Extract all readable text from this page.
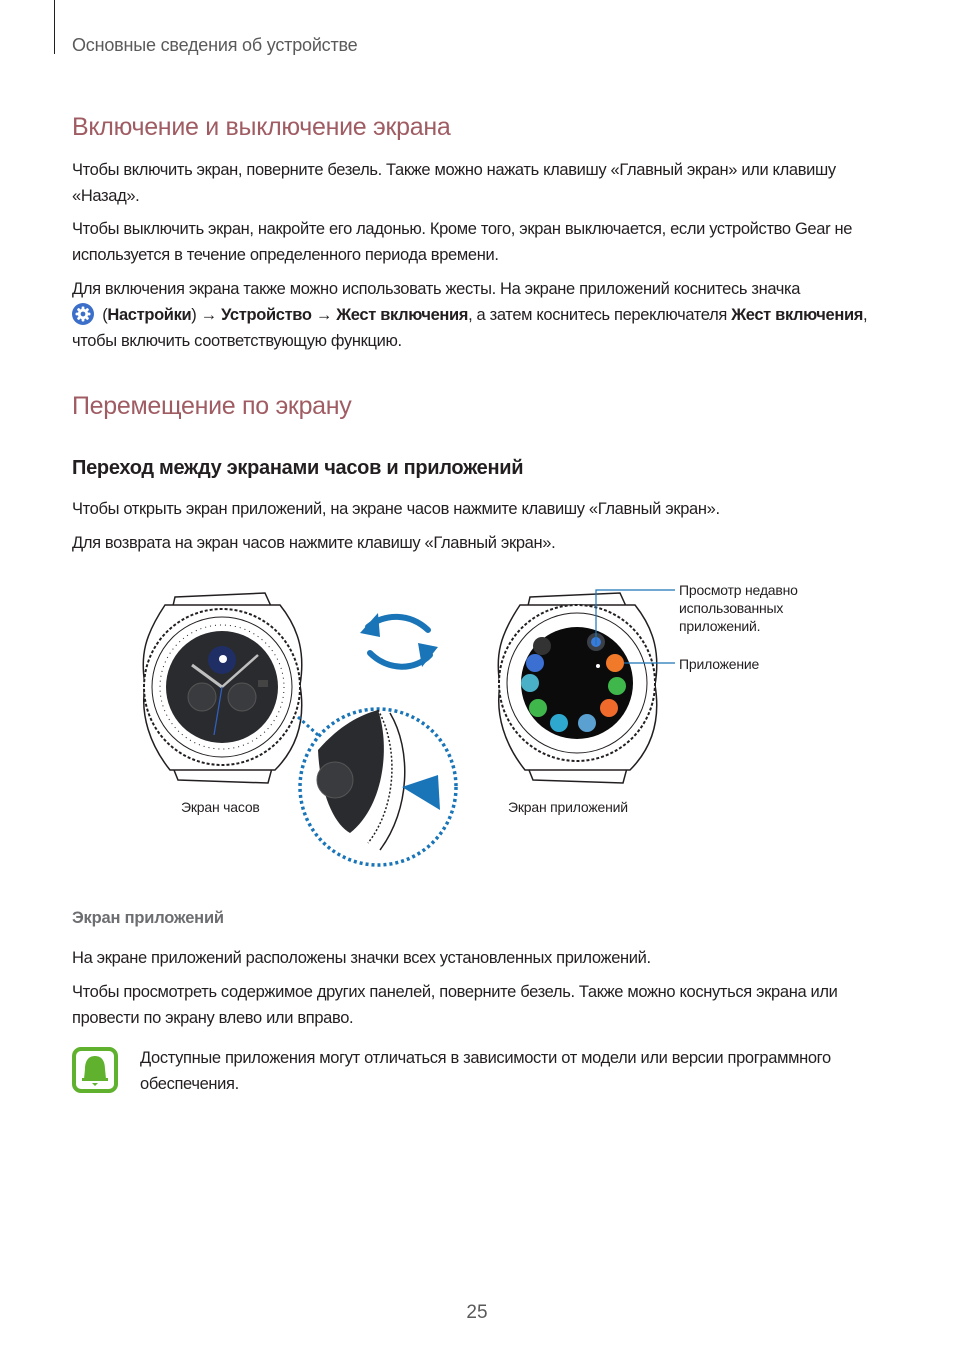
Основные сведения об устройстве
Включение и выключение экрана
Чтобы включить экран, поверните безель. Также можно нажать клавишу «Главный экран» или клавишу «Назад».
Чтобы выключить экран, накройте его ладонью. Кроме того, экран выключается, если устройство Gear не используется в течение определенного периода времени.
Для включения экрана также можно использовать жесты. На экране приложений коснитесь значка
(Настройки) → Устройство → Жест включения, а затем коснитесь переключателя Жест включения, чтобы включить соответствующую функцию.
Перемещение по экрану
Переход между экранами часов и приложений
Чтобы открыть экран приложений, на экране часов нажмите клавишу «Главный экран».
Для возврата на экран часов нажмите клавишу «Главный экран».
Экран часов	Экран приложений
Просмотр недавно
использованных
приложений.
Приложение
Экран приложений
На экране приложений расположены значки всех установленных приложений.
Чтобы просмотреть содержимое других панелей, поверните безель. Также можно коснуться экрана или провести по экрану влево или вправо.
Доступные приложения могут отличаться в зависимости от модели или версии программного обеспечения.
25
